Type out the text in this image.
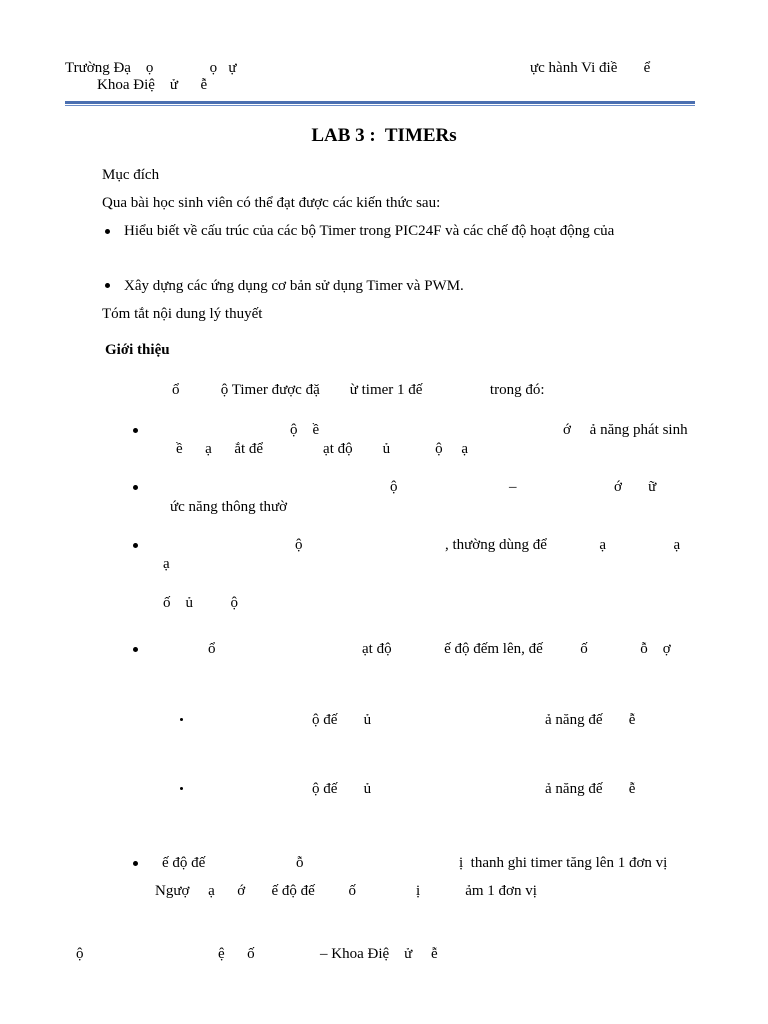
Trường Đạ    ọ               ọ   ự	ực hành Vi điề       ể
Khoa Điệ    ử      ễ
LAB 3 :  TIMERs
Mục đích
Qua bài học sinh viên có thể đạt được các kiến thức sau:
Hiểu biết về cấu trúc của các bộ Timer trong PIC24F và các chế độ hoạt động của
Xây dựng các ứng dụng cơ bản sử dụng Timer và PWM.
Tóm tắt nội dung lý thuyết
Giới thiệu
ổ           ộ Timer được đặ        ừ timer 1 đế                  trong đó:
ộ    ề	ớ     ả năng phát sinh
ề      ạ      ắt để                ạt độ        ủ            ộ     ạ
ộ	–                          ớ       ữ
ức năng thông thườ
ộ	, thường dùng để              ạ                  ạ
ạ
ố    ủ          ộ
ổ	ạt độ              ế độ đếm lên, đế          ố              ỗ    ợ
ộ đế       ủ	ả năng đế       ễ
ộ đế       ủ	ả năng đế       ễ
ế độ đế	ỗ	ị  thanh ghi timer tăng lên 1 đơn vị
Ngượ     ạ      ớ       ế độ đế         ố                ị            ảm 1 đơn vị
ộ	ệ      ố	– Khoa Điệ    ử     ễ
